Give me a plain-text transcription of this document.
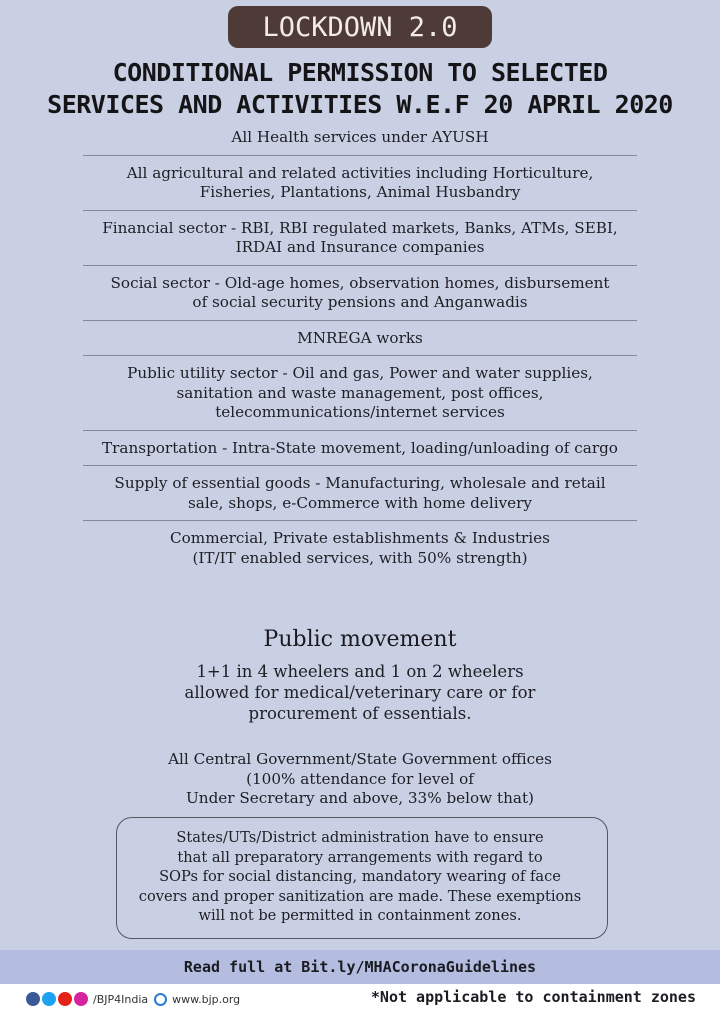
LOCKDOWN 2.0
CONDITIONAL PERMISSION TO SELECTED
SERVICES AND ACTIVITIES W.E.F 20 APRIL 2020
All Health services under AYUSH
All agricultural and related activities including Horticulture,
Fisheries, Plantations, Animal Husbandry
Financial sector - RBI, RBI regulated markets, Banks, ATMs, SEBI,
IRDAI and Insurance companies
Social sector - Old-age homes, observation homes, disbursement
of social security pensions and Anganwadis
MNREGA works
Public utility sector - Oil and gas, Power and water supplies,
sanitation and waste management, post offices,
telecommunications/internet services
Transportation - Intra-State movement, loading/unloading of cargo
Supply of essential goods - Manufacturing, wholesale and retail
sale, shops, e-Commerce with home delivery
Commercial, Private establishments & Industries
(IT/IT enabled services, with 50% strength)
Public movement
1+1 in 4 wheelers and 1 on 2 wheelers
allowed for medical/veterinary care or for
procurement of essentials.
All Central Government/State Government offices
(100% attendance for level of
Under Secretary and above, 33% below that)
States/UTs/District administration have to ensure
that all preparatory arrangements with regard to
SOPs for social distancing, mandatory wearing of face
covers and proper sanitization are made. These exemptions
will not be permitted in containment zones.
Read full at Bit.ly/MHACoronaGuidelines
/BJP4India www.bjp.org	*Not applicable to containment zones
